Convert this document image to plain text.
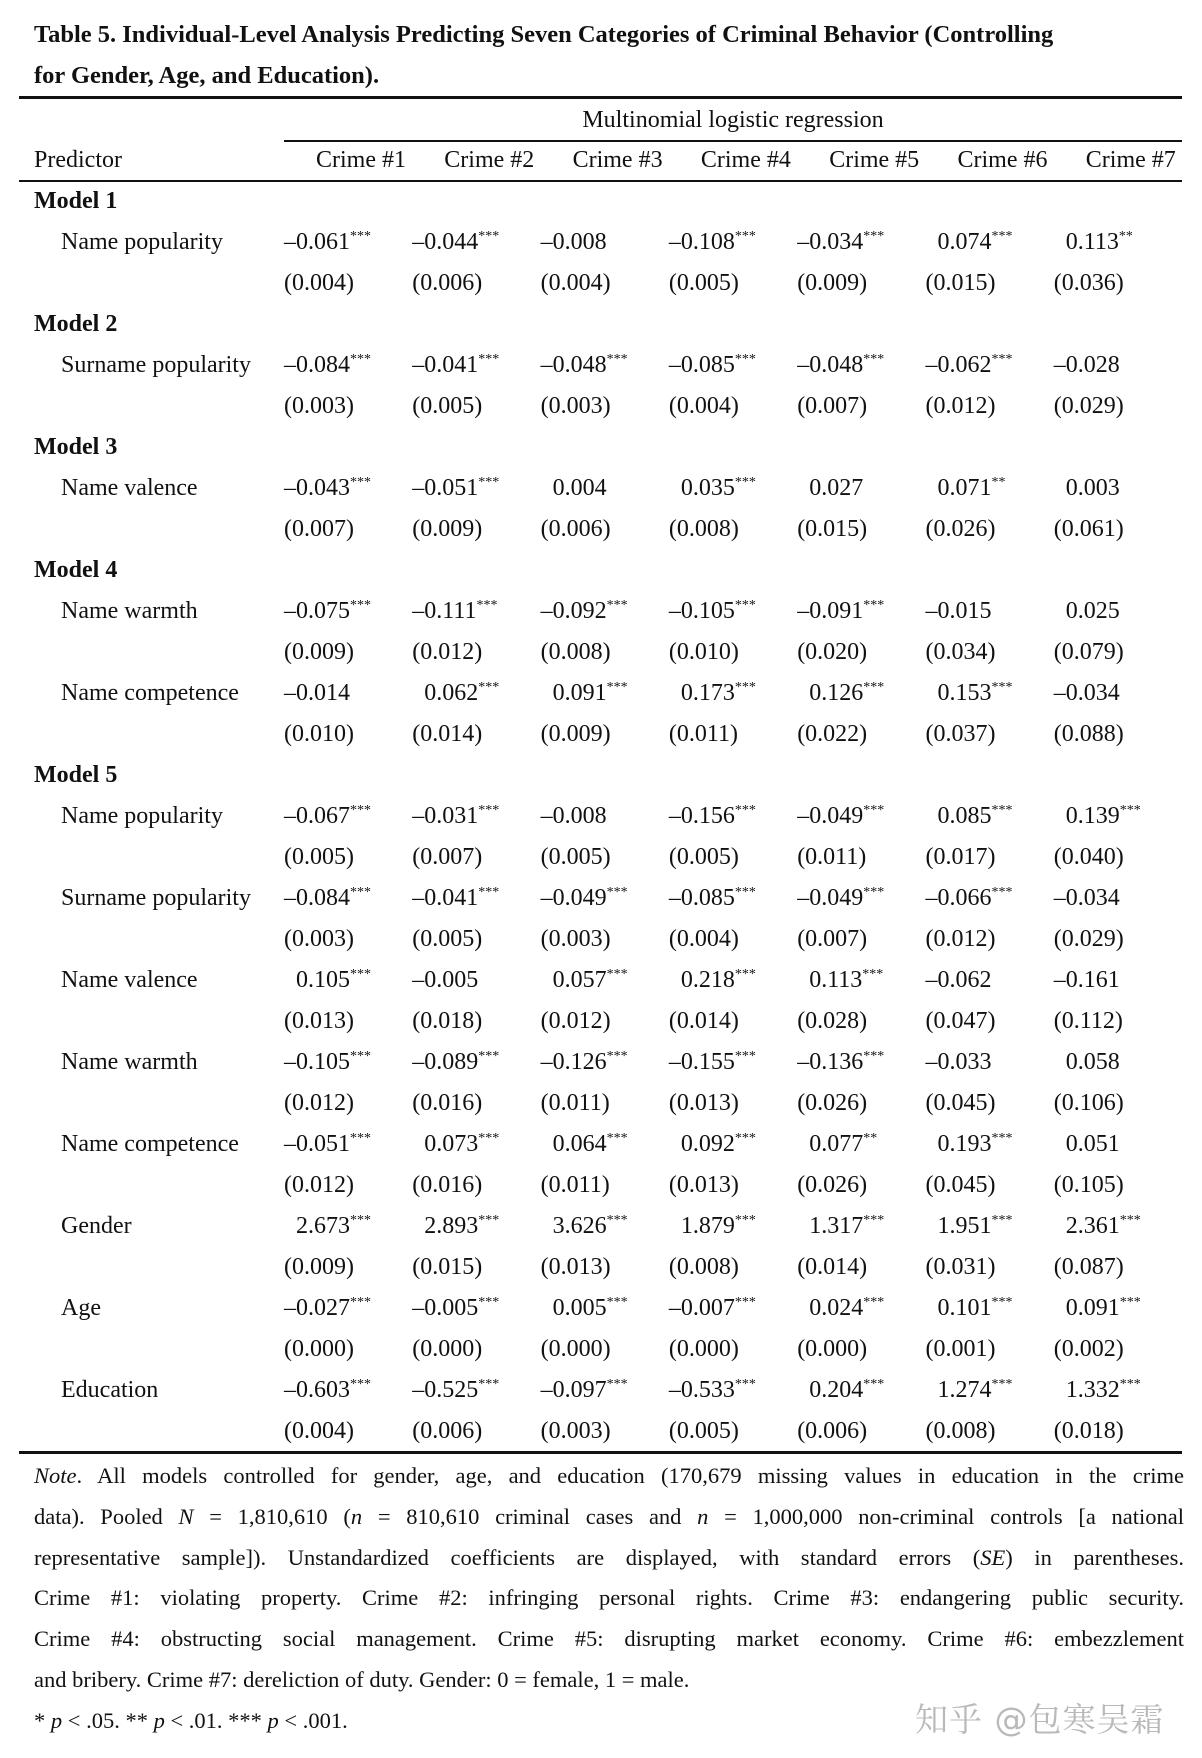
Table 5. Individual-Level Analysis Predicting Seven Categories of Criminal Behavior (Controlling
for Gender, Age, and Education).
Multinomial logistic regression
Predictor	Crime #1	Crime #2	Crime #3	Crime #4	Crime #5	Crime #6	Crime #7
Model 1							
Name popularity	–0.061***	–0.044***	–0.008	–0.108***	–0.034***	0.074***	0.113**
	(0.004)	(0.006)	(0.004)	(0.005)	(0.009)	(0.015)	(0.036)
Model 2							
Surname popularity	–0.084***	–0.041***	–0.048***	–0.085***	–0.048***	–0.062***	–0.028
	(0.003)	(0.005)	(0.003)	(0.004)	(0.007)	(0.012)	(0.029)
Model 3							
Name valence	–0.043***	–0.051***	0.004	0.035***	0.027	0.071**	0.003
	(0.007)	(0.009)	(0.006)	(0.008)	(0.015)	(0.026)	(0.061)
Model 4							
Name warmth	–0.075***	–0.111***	–0.092***	–0.105***	–0.091***	–0.015	0.025
	(0.009)	(0.012)	(0.008)	(0.010)	(0.020)	(0.034)	(0.079)
Name competence	–0.014	0.062***	0.091***	0.173***	0.126***	0.153***	–0.034
	(0.010)	(0.014)	(0.009)	(0.011)	(0.022)	(0.037)	(0.088)
Model 5							
Name popularity	–0.067***	–0.031***	–0.008	–0.156***	–0.049***	0.085***	0.139***
	(0.005)	(0.007)	(0.005)	(0.005)	(0.011)	(0.017)	(0.040)
Surname popularity	–0.084***	–0.041***	–0.049***	–0.085***	–0.049***	–0.066***	–0.034
	(0.003)	(0.005)	(0.003)	(0.004)	(0.007)	(0.012)	(0.029)
Name valence	0.105***	–0.005	0.057***	0.218***	0.113***	–0.062	–0.161
	(0.013)	(0.018)	(0.012)	(0.014)	(0.028)	(0.047)	(0.112)
Name warmth	–0.105***	–0.089***	–0.126***	–0.155***	–0.136***	–0.033	0.058
	(0.012)	(0.016)	(0.011)	(0.013)	(0.026)	(0.045)	(0.106)
Name competence	–0.051***	0.073***	0.064***	0.092***	0.077**	0.193***	0.051
	(0.012)	(0.016)	(0.011)	(0.013)	(0.026)	(0.045)	(0.105)
Gender	2.673***	2.893***	3.626***	1.879***	1.317***	1.951***	2.361***
	(0.009)	(0.015)	(0.013)	(0.008)	(0.014)	(0.031)	(0.087)
Age	–0.027***	–0.005***	0.005***	–0.007***	0.024***	0.101***	0.091***
	(0.000)	(0.000)	(0.000)	(0.000)	(0.000)	(0.001)	(0.002)
Education	–0.603***	–0.525***	–0.097***	–0.533***	0.204***	1.274***	1.332***
	(0.004)	(0.006)	(0.003)	(0.005)	(0.006)	(0.008)	(0.018)
Note. All models controlled for gender, age, and education (170,679 missing values in education in the crime
data). Pooled N = 1,810,610 (n = 810,610 criminal cases and n = 1,000,000 non-criminal controls [a national
representative sample]). Unstandardized coefficients are displayed, with standard errors (SE) in parentheses.
Crime #1: violating property. Crime #2: infringing personal rights. Crime #3: endangering public security.
Crime #4: obstructing social management. Crime #5: disrupting market economy. Crime #6: embezzlement
and bribery. Crime #7: dereliction of duty. Gender: 0 = female, 1 = male.
* p < .05. ** p < .01. *** p < .001.	知乎 @包寒吴霜
